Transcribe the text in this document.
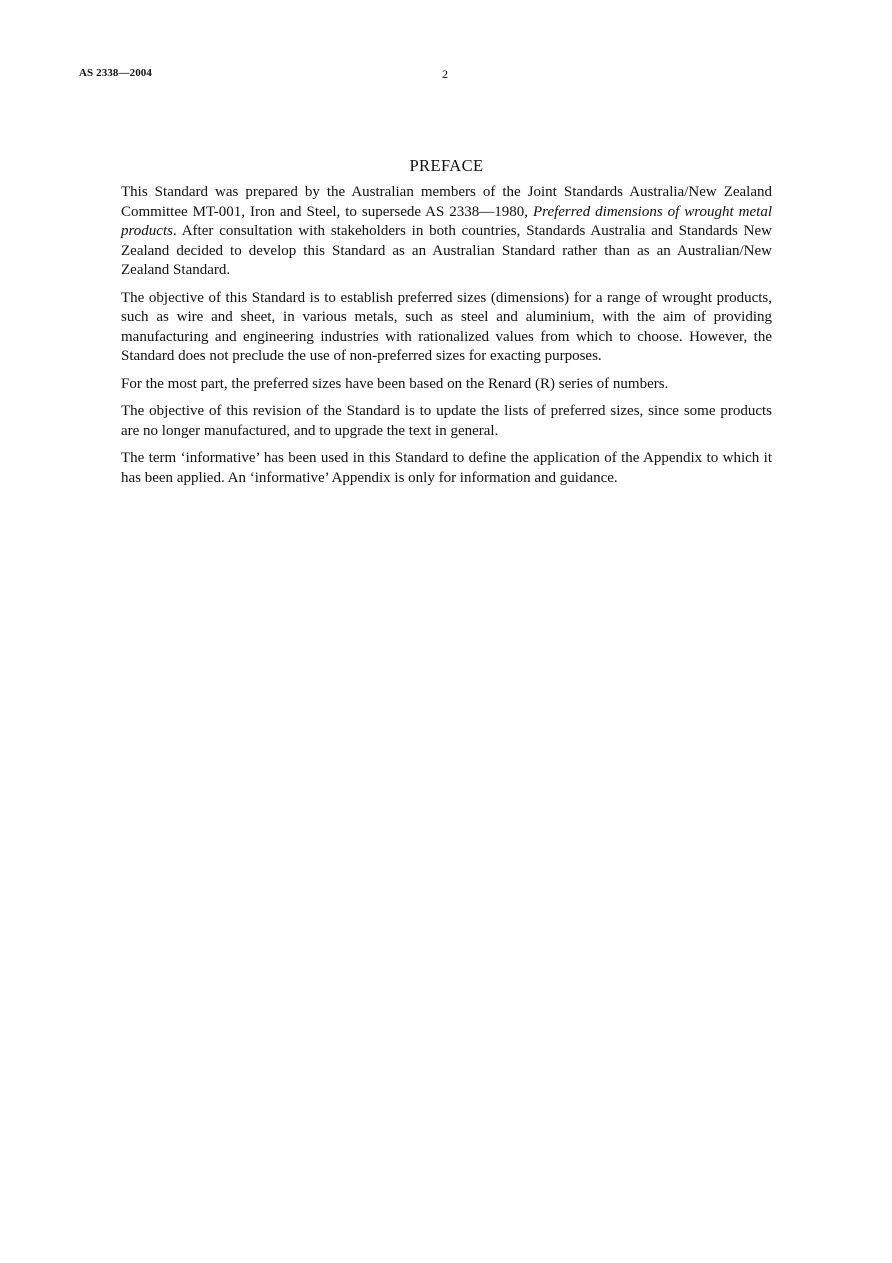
AS 2338—2004	2
PREFACE

This Standard was prepared by the Australian members of the Joint Standards Australia/New Zealand Committee MT-001, Iron and Steel, to supersede AS 2338—1980, Preferred dimensions of wrought metal products. After consultation with stakeholders in both countries, Standards Australia and Standards New Zealand decided to develop this Standard as an Australian Standard rather than as an Australian/New Zealand Standard.

The objective of this Standard is to establish preferred sizes (dimensions) for a range of wrought products, such as wire and sheet, in various metals, such as steel and aluminium, with the aim of providing manufacturing and engineering industries with rationalized values from which to choose. However, the Standard does not preclude the use of non-preferred sizes for exacting purposes.

For the most part, the preferred sizes have been based on the Renard (R) series of numbers.

The objective of this revision of the Standard is to update the lists of preferred sizes, since some products are no longer manufactured, and to upgrade the text in general.

The term ‘informative’ has been used in this Standard to define the application of the Appendix to which it has been applied. An ‘informative’ Appendix is only for information and guidance.
